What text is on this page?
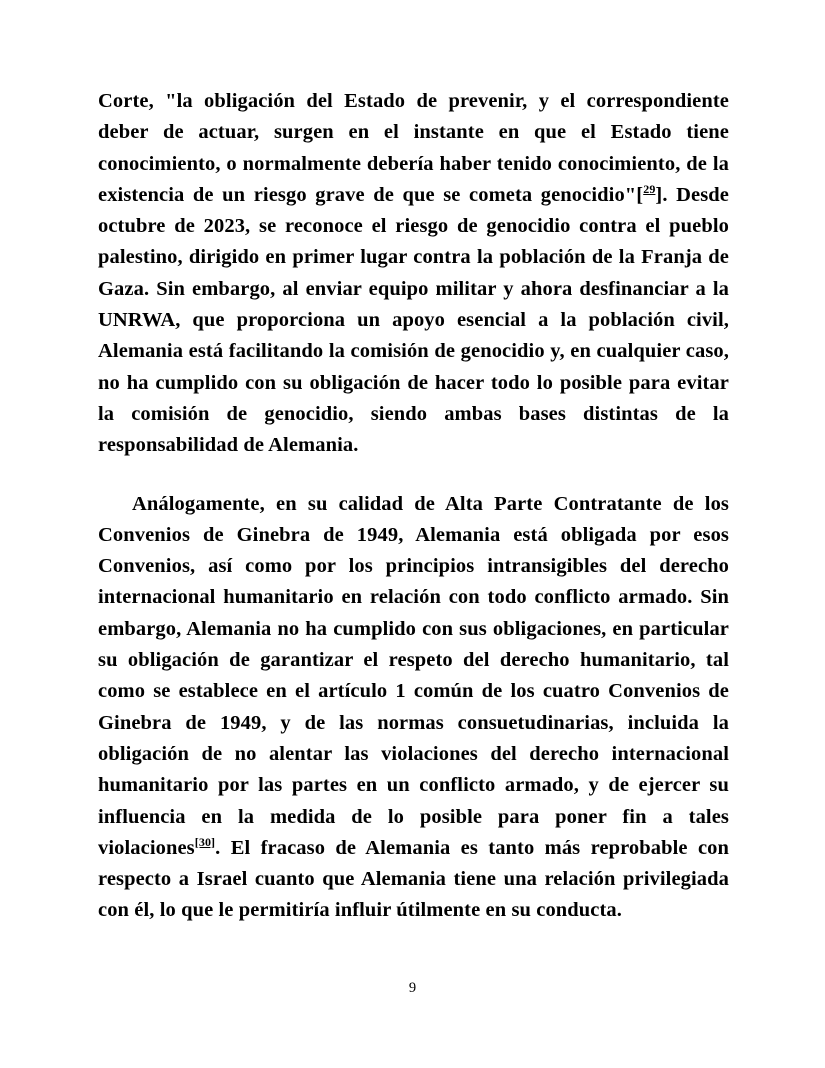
Corte, "la obligación del Estado de prevenir, y el correspondiente deber de actuar, surgen en el instante en que el Estado tiene conocimiento, o normalmente debería haber tenido conocimiento, de la existencia de un riesgo grave de que se cometa genocidio"[$^{29}$]. Desde octubre de 2023, se reconoce el riesgo de genocidio contra el pueblo palestino, dirigido en primer lugar contra la población de la Franja de Gaza. Sin embargo, al enviar equipo militar y ahora desfinanciar a la UNRWA, que proporciona un apoyo esencial a la población civil, Alemania está facilitando la comisión de genocidio y, en cualquier caso, no ha cumplido con su obligación de hacer todo lo posible para evitar la comisión de genocidio, siendo ambas bases distintas de la responsabilidad de Alemania.

Análogamente, en su calidad de Alta Parte Contratante de los Convenios de Ginebra de 1949, Alemania está obligada por esos Convenios, así como por los principios intransigibles del derecho internacional humanitario en relación con todo conflicto armado. Sin embargo, Alemania no ha cumplido con sus obligaciones, en particular su obligación de garantizar el respeto del derecho humanitario, tal como se establece en el artículo 1 común de los cuatro Convenios de Ginebra de 1949, y de las normas consuetudinarias, incluida la obligación de no alentar las violaciones del derecho internacional humanitario por las partes en un conflicto armado, y de ejercer su influencia en la medida de lo posible para poner fin a tales violaciones[30]. El fracaso de Alemania es tanto más reprobable con respecto a Israel cuanto que Alemania tiene una relación privilegiada con él, lo que le permitiría influir útilmente en su conducta.

9
